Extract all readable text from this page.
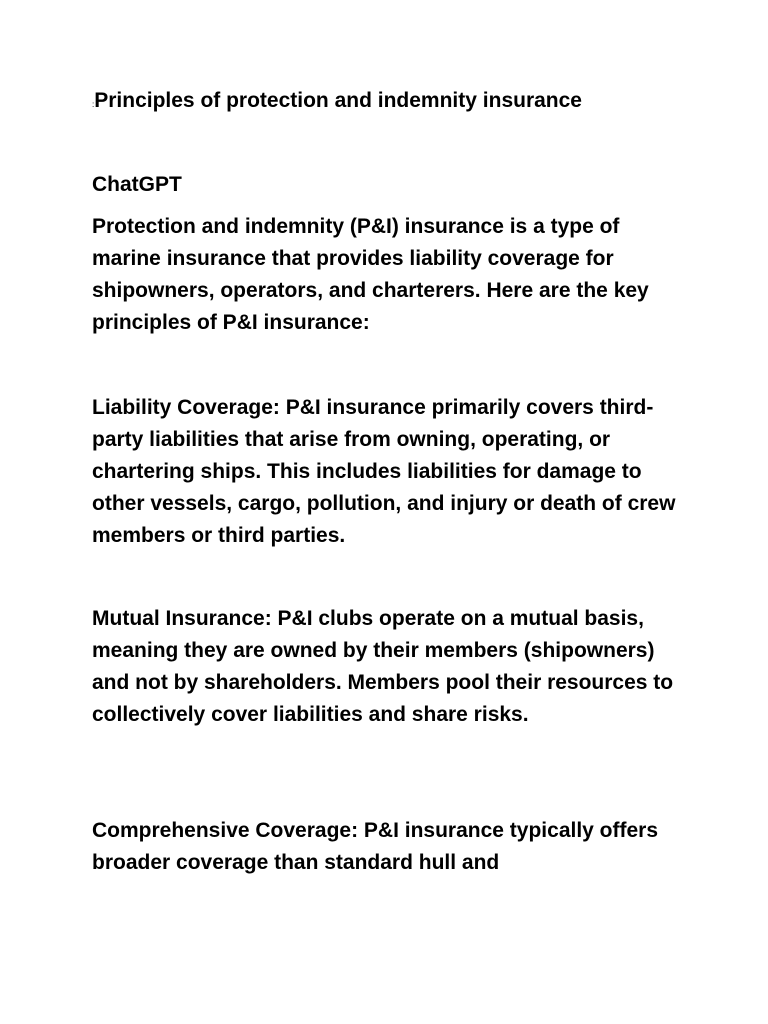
:Principles of protection and indemnity insurance
ChatGPT

Protection and indemnity (P&I) insurance is a type of marine insurance that provides liability coverage for shipowners, operators, and charterers. Here are the key principles of P&I insurance:

Liability Coverage: P&I insurance primarily covers third-party liabilities that arise from owning, operating, or chartering ships. This includes liabilities for damage to other vessels, cargo, pollution, and injury or death of crew members or third parties.

Mutual Insurance: P&I clubs operate on a mutual basis, meaning they are owned by their members (shipowners) and not by shareholders. Members pool their resources to collectively cover liabilities and share risks.

Comprehensive Coverage: P&I insurance typically offers broader coverage than standard hull and
